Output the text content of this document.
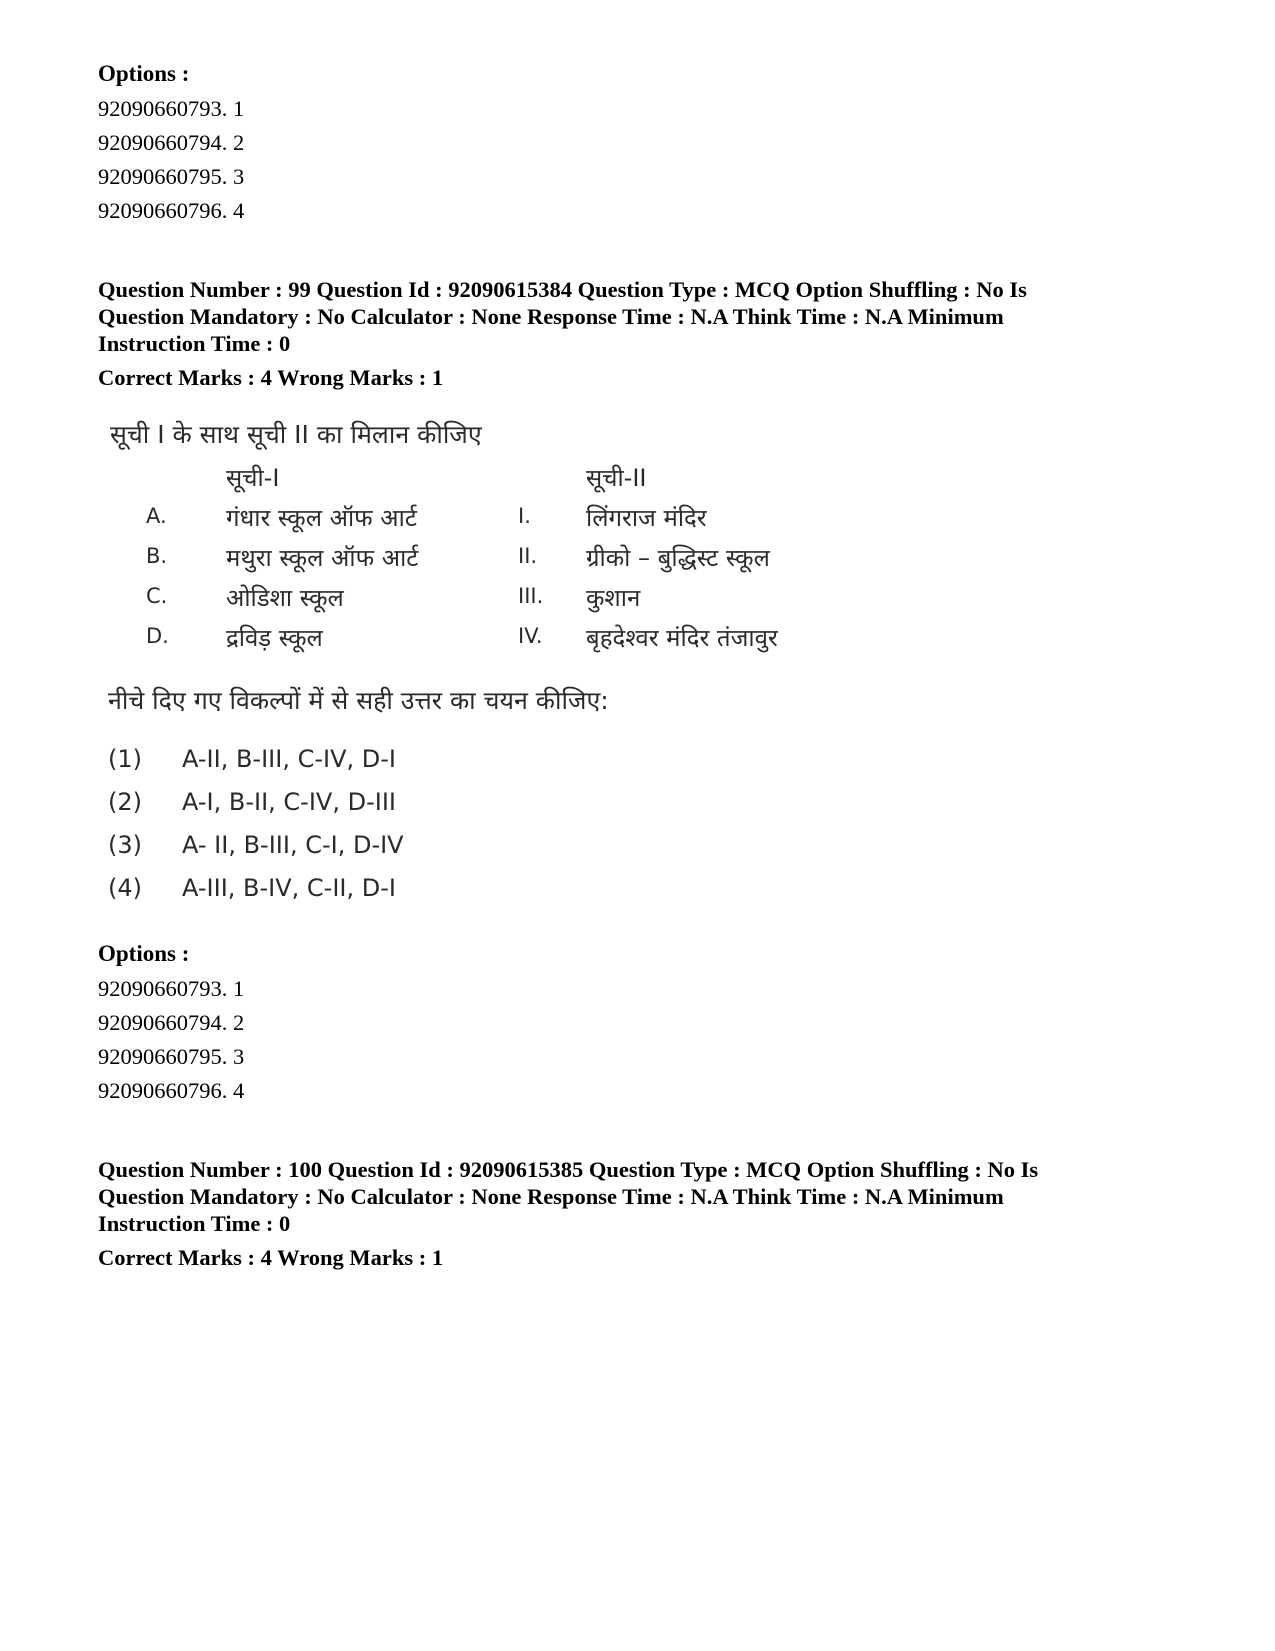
Options :
92090660793. 1
92090660794. 2
92090660795. 3
92090660796. 4
Question Number : 99 Question Id : 92090615384 Question Type : MCQ Option Shuffling : No Is
Question Mandatory : No Calculator : None Response Time : N.A Think Time : N.A Minimum
Instruction Time : 0
Correct Marks : 4 Wrong Marks : 1
सूची I के साथ सूची II का मिलान कीजिए
सूची-I	सूची-II
A. गंधार स्कूल ऑफ आर्ट	I. लिंगराज मंदिर
B. मथुरा स्कूल ऑफ आर्ट	II. ग्रीको – बुद्धिस्ट स्कूल
C. ओडिशा स्कूल	III. कुशान
D. द्रविड़ स्कूल	IV. बृहदेश्वर मंदिर तंजावुर
नीचे दिए गए विकल्पों में से सही उत्तर का चयन कीजिए:
(1) A-II, B-III, C-IV, D-I
(2) A-I, B-II, C-IV, D-III
(3) A- II, B-III, C-I, D-IV
(4) A-III, B-IV, C-II, D-I
Options :
92090660793. 1
92090660794. 2
92090660795. 3
92090660796. 4
Question Number : 100 Question Id : 92090615385 Question Type : MCQ Option Shuffling : No Is
Question Mandatory : No Calculator : None Response Time : N.A Think Time : N.A Minimum
Instruction Time : 0
Correct Marks : 4 Wrong Marks : 1
